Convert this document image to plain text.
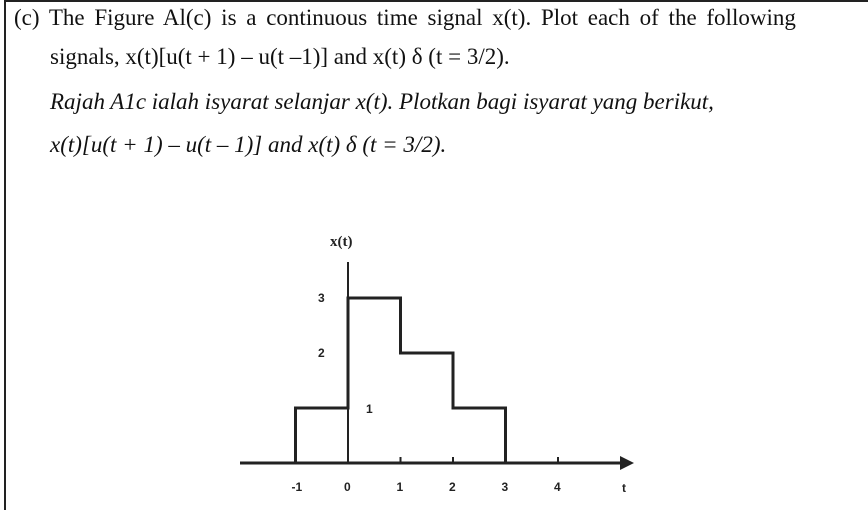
(c) The Figure Al(c) is a continuous time signal x(t). Plot each of the following
signals, x(t)[u(t + 1) – u(t –1)] and x(t) δ (t = 3/2).
Rajah A1c ialah isyarat selanjar x(t). Plotkan bagi isyarat yang berikut,
x(t)[u(t + 1) – u(t – 1)] and x(t) δ (t = 3/2).
x(t)
t
3
2
1
-1	0	1	2	3	4
